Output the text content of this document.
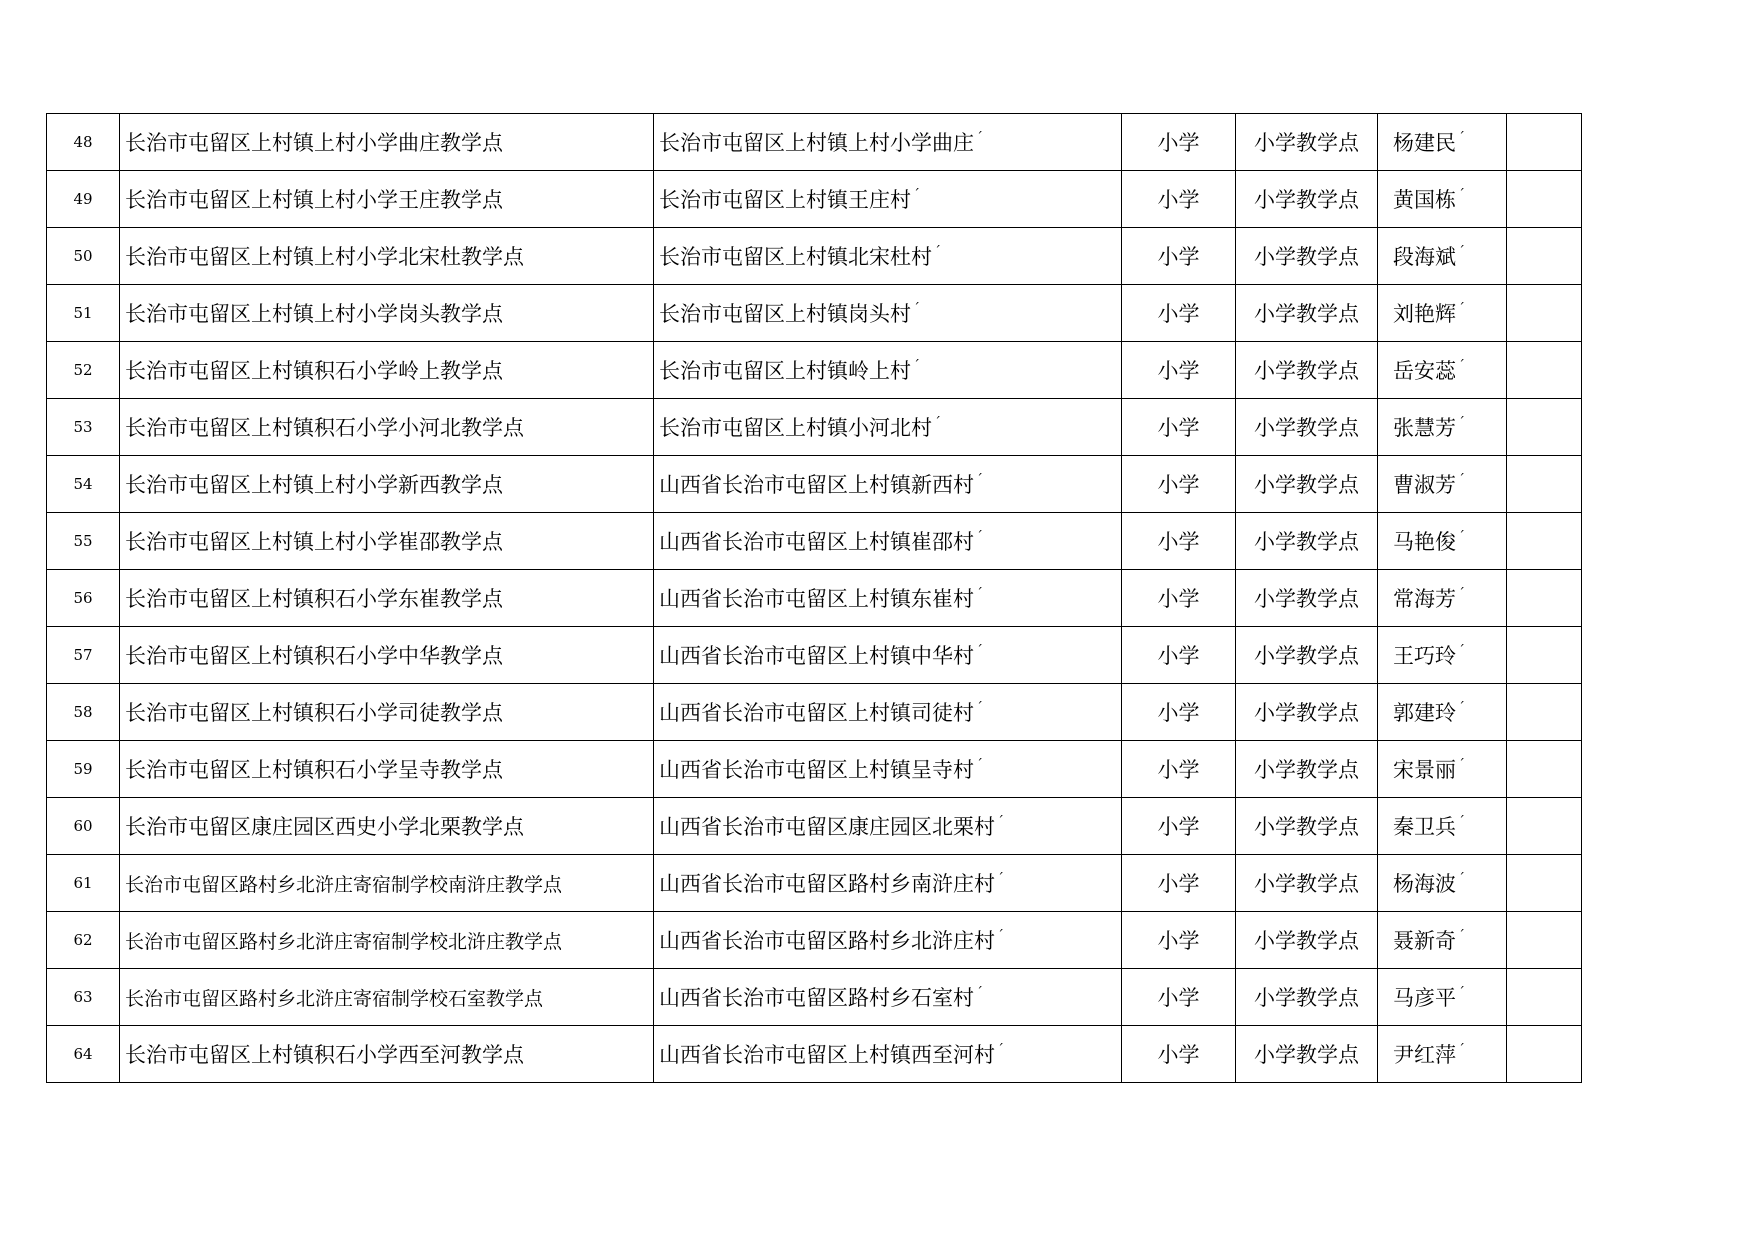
48	长治市屯留区上村镇上村小学曲庄教学点	长治市屯留区上村镇上村小学曲庄 ´	小学	小学教学点	杨建民 ´	
49	长治市屯留区上村镇上村小学王庄教学点	长治市屯留区上村镇王庄村 ´	小学	小学教学点	黄国栋 ´	
50	长治市屯留区上村镇上村小学北宋杜教学点	长治市屯留区上村镇北宋杜村 ´	小学	小学教学点	段海斌 ´	
51	长治市屯留区上村镇上村小学岗头教学点	长治市屯留区上村镇岗头村 ´	小学	小学教学点	刘艳辉 ´	
52	长治市屯留区上村镇积石小学岭上教学点	长治市屯留区上村镇岭上村 ´	小学	小学教学点	岳安蕊 ´	
53	长治市屯留区上村镇积石小学小河北教学点	长治市屯留区上村镇小河北村 ´	小学	小学教学点	张慧芳 ´	
54	长治市屯留区上村镇上村小学新西教学点	山西省长治市屯留区上村镇新西村 ´	小学	小学教学点	曹淑芳 ´	
55	长治市屯留区上村镇上村小学崔邵教学点	山西省长治市屯留区上村镇崔邵村 ´	小学	小学教学点	马艳俊 ´	
56	长治市屯留区上村镇积石小学东崔教学点	山西省长治市屯留区上村镇东崔村 ´	小学	小学教学点	常海芳 ´	
57	长治市屯留区上村镇积石小学中华教学点	山西省长治市屯留区上村镇中华村 ´	小学	小学教学点	王巧玲 ´	
58	长治市屯留区上村镇积石小学司徒教学点	山西省长治市屯留区上村镇司徒村 ´	小学	小学教学点	郭建玲 ´	
59	长治市屯留区上村镇积石小学呈寺教学点	山西省长治市屯留区上村镇呈寺村 ´	小学	小学教学点	宋景丽 ´	
60	长治市屯留区康庄园区西史小学北栗教学点	山西省长治市屯留区康庄园区北栗村 ´	小学	小学教学点	秦卫兵 ´	
61	长治市屯留区路村乡北浒庄寄宿制学校南浒庄教学点	山西省长治市屯留区路村乡南浒庄村 ´	小学	小学教学点	杨海波 ´	
62	长治市屯留区路村乡北浒庄寄宿制学校北浒庄教学点	山西省长治市屯留区路村乡北浒庄村 ´	小学	小学教学点	聂新奇 ´	
63	长治市屯留区路村乡北浒庄寄宿制学校石室教学点	山西省长治市屯留区路村乡石室村 ´	小学	小学教学点	马彦平 ´	
64	长治市屯留区上村镇积石小学西至河教学点	山西省长治市屯留区上村镇西至河村 ´	小学	小学教学点	尹红萍 ´	
